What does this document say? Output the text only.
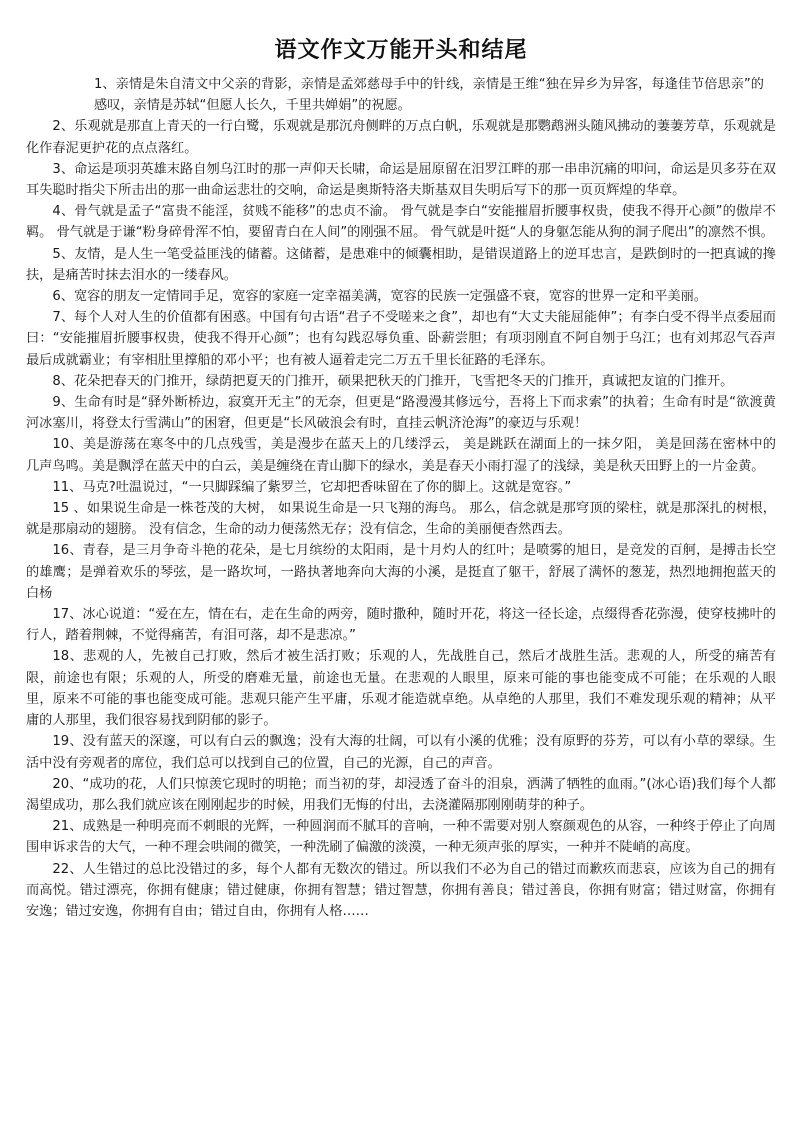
语文作文万能开头和结尾

1、亲情是朱自清文中父亲的背影，亲情是孟郊慈母手中的针线，亲情是王维“独在异乡为异客，每逢佳节倍思亲”的感叹，亲情是苏轼“但愿人长久，千里共婵娟”的祝愿。

2、乐观就是那直上青天的一行白鹭，乐观就是那沉舟侧畔的万点白帆，乐观就是那鹦鹉洲头随风拂动的萋萋芳草，乐观就是化作春泥更护花的点点落红。

3、命运是项羽英雄末路自刎乌江时的那一声仰天长啸，命运是屈原留在汨罗江畔的那一串串沉痛的叩问，命运是贝多芬在双耳失聪时指尖下所击出的那一曲命运悲壮的交响，命运是奥斯特洛夫斯基双目失明后写下的那一页页辉煌的华章。

4、骨气就是孟子“富贵不能淫，贫贱不能移”的忠贞不渝。 骨气就是李白“安能摧眉折腰事权贵，使我不得开心颜”的傲岸不羁。 骨气就是于谦“粉身碎骨浑不怕，要留青白在人间”的刚强不屈。 骨气就是叶挺“人的身躯怎能从狗的洞子爬出”的凛然不惧。

5、友情，是人生一笔受益匪浅的储蓄。这储蓄，是患难中的倾囊相助，是错误道路上的逆耳忠言，是跌倒时的一把真诚的搀扶，是痛苦时抹去泪水的一缕春风。

6、宽容的朋友一定情同手足，宽容的家庭一定幸福美满，宽容的民族一定强盛不衰，宽容的世界一定和平美丽。

7、每个人对人生的价值都有困惑。中国有句古语“君子不受嗟来之食”，却也有“大丈夫能屈能伸”；有李白受不得半点委屈而曰：“安能摧眉折腰事权贵，使我不得开心颜”；也有勾践忍辱负重、卧薪尝胆；有项羽刚直不阿自刎于乌江；也有刘邦忍气吞声最后成就霸业；有宰相肚里撑船的邓小平；也有被人逼着走完二万五千里长征路的毛泽东。

8、花朵把春天的门推开，绿荫把夏天的门推开，硕果把秋天的门推开，飞雪把冬天的门推开，真诚把友谊的门推开。

9、生命有时是“驿外断桥边，寂寞开无主”的无奈，但更是“路漫漫其修远兮，吾将上下而求索”的执着；生命有时是“欲渡黄河冰塞川，将登太行雪满山”的困窘，但更是“长风破浪会有时，直挂云帆济沧海”的豪迈与乐观！

10、美是游荡在寒冬中的几点残雪，美是漫步在蓝天上的几缕浮云， 美是跳跃在湖面上的一抹夕阳， 美是回荡在密林中的几声鸟鸣。美是飘浮在蓝天中的白云，美是缠绕在青山脚下的绿水，美是春天小雨打湿了的浅绿，美是秋天田野上的一片金黄。

11、马克?吐温说过，“一只脚踩编了紫罗兰，它却把香味留在了你的脚上。这就是宽容。”

15 、如果说生命是一株苍茂的大树， 如果说生命是一只飞翔的海鸟。 那么，信念就是那穹顶的梁柱，就是那深扎的树根，就是那扇动的翅膀。 没有信念，生命的动力便荡然无存；没有信念，生命的美丽便杳然西去。

16、青春，是三月争奇斗艳的花朵，是七月缤纷的太阳雨，是十月灼人的红叶；是喷雾的旭日，是竞发的百舸，是搏击长空的雄鹰；是弹着欢乐的琴弦，是一路坎坷，一路执著地奔向大海的小溪，是挺直了躯干，舒展了满怀的葱茏，热烈地拥抱蓝天的白杨

17、冰心说道：“爱在左，情在右，走在生命的两旁，随时撒种，随时开花，将这一径长途，点缀得香花弥漫，使穿枝拂叶的行人，踏着荆棘，不觉得痛苦，有泪可落，却不是悲凉。”

18、悲观的人，先被自己打败，然后才被生活打败；乐观的人，先战胜自己，然后才战胜生活。悲观的人，所受的痛苦有限，前途也有限；乐观的人，所受的磨难无量，前途也无量。在悲观的人眼里，原来可能的事也能变成不可能；在乐观的人眼里，原来不可能的事也能变成可能。悲观只能产生平庸，乐观才能造就卓绝。从卓绝的人那里，我们不难发现乐观的精神；从平庸的人那里，我们很容易找到阴郁的影子。

19、没有蓝天的深邃，可以有白云的飘逸；没有大海的壮阔，可以有小溪的优雅；没有原野的芬芳，可以有小草的翠绿。生活中没有旁观者的席位，我们总可以找到自己的位置，自己的光源，自己的声音。

20、“成功的花，人们只惊羡它现时的明艳；而当初的芽，却浸透了奋斗的泪泉，洒满了牺牲的血雨。”(冰心语)我们每个人都渴望成功，那么我们就应该在刚刚起步的时候，用我们无悔的付出，去浇灌隔那刚刚萌芽的种子。

21、成熟是一种明亮而不刺眼的光辉，一种圆润而不腻耳的音响，一种不需要对别人察颜观色的从容，一种终于停止了向周围申诉求告的大气，一种不理会哄闹的微笑，一种洗刷了偏激的淡漠，一种无须声张的厚实，一种并不陡峭的高度。

22、人生错过的总比没错过的多，每个人都有无数次的错过。所以我们不必为自己的错过而歉疚而悲哀，应该为自己的拥有而高悦。错过漂亮，你拥有健康；错过健康，你拥有智慧；错过智慧，你拥有善良；错过善良，你拥有财富；错过财富，你拥有安逸；错过安逸，你拥有自由；错过自由，你拥有人格……
